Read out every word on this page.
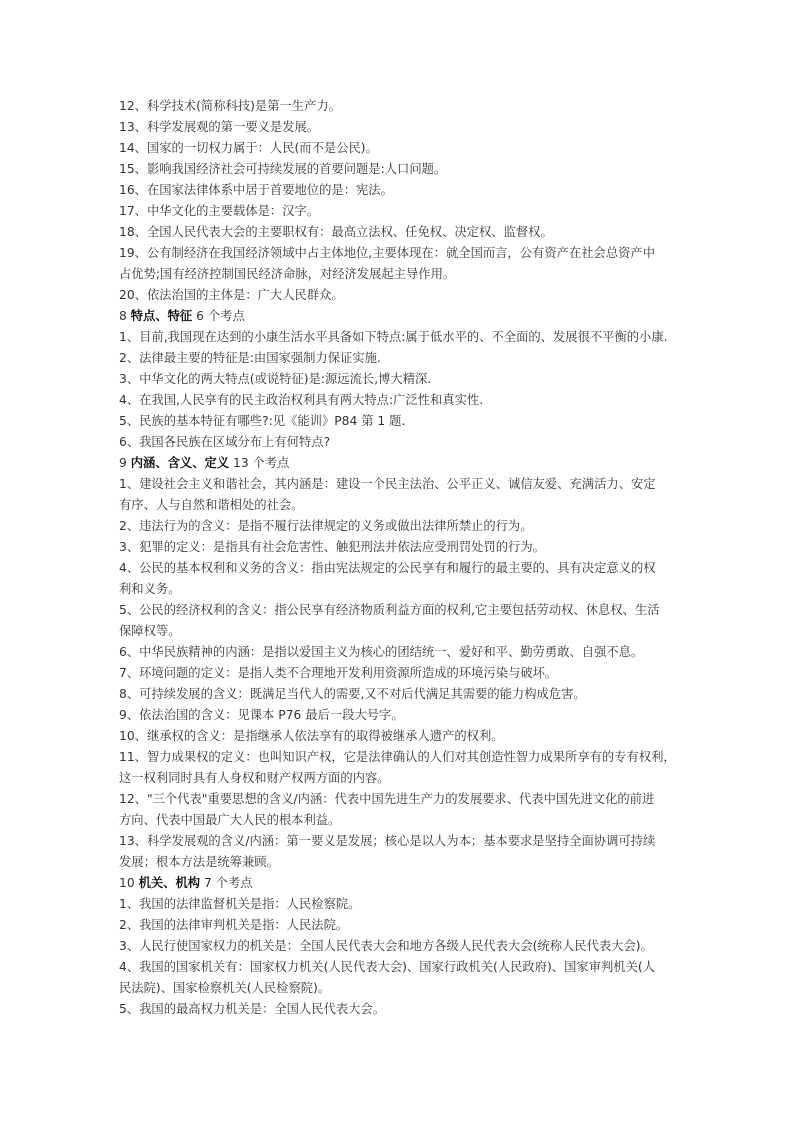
12、科学技术(简称科技)是第一生产力。

13、科学发展观的第一要义是发展。

14、国家的一切权力属于：人民(而不是公民)。

15、影响我国经济社会可持续发展的首要问题是:人口问题。

16、在国家法律体系中居于首要地位的是：宪法。

17、中华文化的主要载体是：汉字。

18、全国人民代表大会的主要职权有：最高立法权、任免权、决定权、监督权。

19、公有制经济在我国经济领域中占主体地位,主要体现在：就全国而言，公有资产在社会总资产中

占优势;国有经济控制国民经济命脉，对经济发展起主导作用。

20、依法治国的主体是：广大人民群众。

8 特点、特征 6 个考点

1、目前,我国现在达到的小康生活水平具备如下特点:属于低水平的、不全面的、发展很不平衡的小康.

2、法律最主要的特征是:由国家强制力保证实施.

3、中华文化的两大特点(或说特征)是:源远流长,博大精深.

4、在我国,人民享有的民主政治权利具有两大特点:广泛性和真实性.

5、民族的基本特征有哪些?:见《能训》P84 第 1 题.

6、我国各民族在区域分布上有何特点?

9 内涵、含义、定义 13 个考点

1、建设社会主义和谐社会，其内涵是：建设一个民主法治、公平正义、诚信友爱、充满活力、安定

有序、人与自然和谐相处的社会。

2、违法行为的含义：是指不履行法律规定的义务或做出法律所禁止的行为。

3、犯罪的定义：是指具有社会危害性、触犯刑法并依法应受刑罚处罚的行为。

4、公民的基本权利和义务的含义：指由宪法规定的公民享有和履行的最主要的、具有决定意义的权

利和义务。

5、公民的经济权利的含义：指公民享有经济物质利益方面的权利,它主要包括劳动权、休息权、生活

保障权等。

6、中华民族精神的内涵：是指以爱国主义为核心的团结统一、爱好和平、勤劳勇敢、自强不息。

7、环境问题的定义：是指人类不合理地开发利用资源所造成的环境污染与破坏。

8、可持续发展的含义：既满足当代人的需要,又不对后代满足其需要的能力构成危害。

9、依法治国的含义：见课本 P76 最后一段大号字。

10、继承权的含义：是指继承人依法享有的取得被继承人遗产的权利。

11、智力成果权的定义：也叫知识产权，它是法律确认的人们对其创造性智力成果所享有的专有权利，

这一权利同时具有人身权和财产权两方面的内容。

12、"三个代表"重要思想的含义/内涵：代表中国先进生产力的发展要求、代表中国先进文化的前进

方向、代表中国最广大人民的根本利益。

13、科学发展观的含义/内涵：第一要义是发展；核心是以人为本；基本要求是坚持全面协调可持续

发展；根本方法是统筹兼顾。

10 机关、机构 7 个考点

1、我国的法律监督机关是指：人民检察院。

2、我国的法律审判机关是指：人民法院。

3、人民行使国家权力的机关是：全国人民代表大会和地方各级人民代表大会(统称人民代表大会)。

4、我国的国家机关有：国家权力机关(人民代表大会)、国家行政机关(人民政府)、国家审判机关(人

民法院)、国家检察机关(人民检察院)。

5、我国的最高权力机关是：全国人民代表大会。
